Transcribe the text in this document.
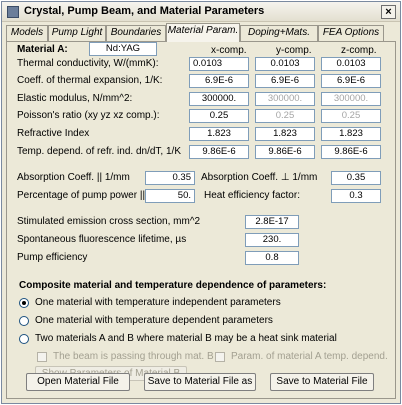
Crystal, Pump Beam, and Material Parameters	×
Models Pump Light Boundaries Material Param. Doping+Mats.	FEA Options
Material A:	Nd:YAG	x-comp.	y-comp.	z-comp.
Thermal conductivity, W/(mmK):	0.0103	0.0103	0.0103
Coeff. of thermal expansion, 1/K:	6.9E-6	6.9E-6	6.9E-6
Elastic modulus, N/mm^2:	300000.	300000.	300000.
Poisson's ratio (xy yz xz comp.):	0.25	0.25	0.25
Refractive Index	1.823	1.823	1.823
Temp. depend. of refr. ind. dn/dT, 1/K	9.86E-6	9.86E-6	9.86E-6
Absorption Coeff. || 1/mm	0.35	Absorption Coeff. ⊥ 1/mm	0.35
Percentage of pump power ||	50.	Heat efficiency factor:	0.3
Stimulated emission cross section, mm^2	2.8E-17
Spontaneous fluorescence lifetime, µs	230.
Pump efficiency	0.8
Composite material and temperature dependence of parameters:
One material with temperature independent parameters
One material with temperature dependent parameters
Two materials A and B where material B may be a heat sink material
The beam is passing through mat. B Param. of material A temp. depend.
Open Material File	Save to Material File as	Save to Material File
